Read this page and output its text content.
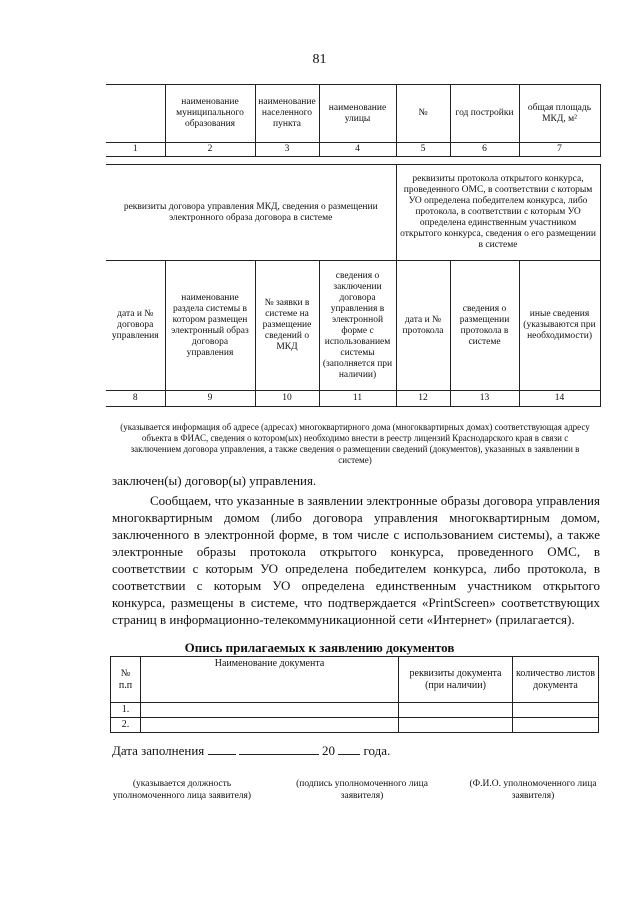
81
	наименование муниципального образования	наименование населенного пункта	наименование улицы	№	год постройки	общая площадь МКД, м²
1	2	3	4	5	6	7
реквизиты договора управления МКД, сведения о размещении электронного образа договора в системе				реквизиты протокола открытого конкурса, проведенного ОМС, в соответствии с которым УО определена победителем конкурса, либо протокола, в соответствии с которым УО определена единственным участником открытого конкурса, сведения о его размещении в системе		
дата и № договора управления	наименование раздела системы в котором размещен электронный образ договора управления	№ заявки в системе на размещение сведений о МКД	сведения о заключении договора управления в электронной форме с использованием системы (заполняется при наличии)	дата и № протокола	сведения о размещении протокола в системе	иные сведения (указываются при необходимости)
8	9	10	11	12	13	14
(указывается информация об адресе (адресах) многоквартирного дома (многоквартирных домах) соответствующая адресу объекта в ФИАС, сведения о котором(ых) необходимо внести в реестр лицензий Краснодарского края в связи с заключением договора управления, а также сведения о размещении сведений (документов), указанных в заявлении в системе)
заключен(ы) договор(ы) управления.
Сообщаем, что указанные в заявлении электронные образы договора управления многоквартирным домом (либо договора управления многоквартирным домом, заключенного в электронной форме, в том числе с использованием системы), а также электронные образы протокола открытого конкурса, проведенного ОМС, в соответствии с которым УО определена победителем конкурса, либо протокола, в соответствии с которым УО определена единственным участником открытого конкурса, размещены в системе, что подтверждается «PrintScreen» соответствующих страниц в информационно-телекоммуникационной сети «Интернет» (прилагается).
Опись прилагаемых к заявлению документов
№ п.п	Наименование документа	реквизиты документа (при наличии)	количество листов документа
1.			
2.			
Дата заполнения	20 года.
(указывается должность уполномоченного лица заявителя)
(подпись уполномоченного лица заявителя)
(Ф.И.О. уполномоченного лица заявителя)
